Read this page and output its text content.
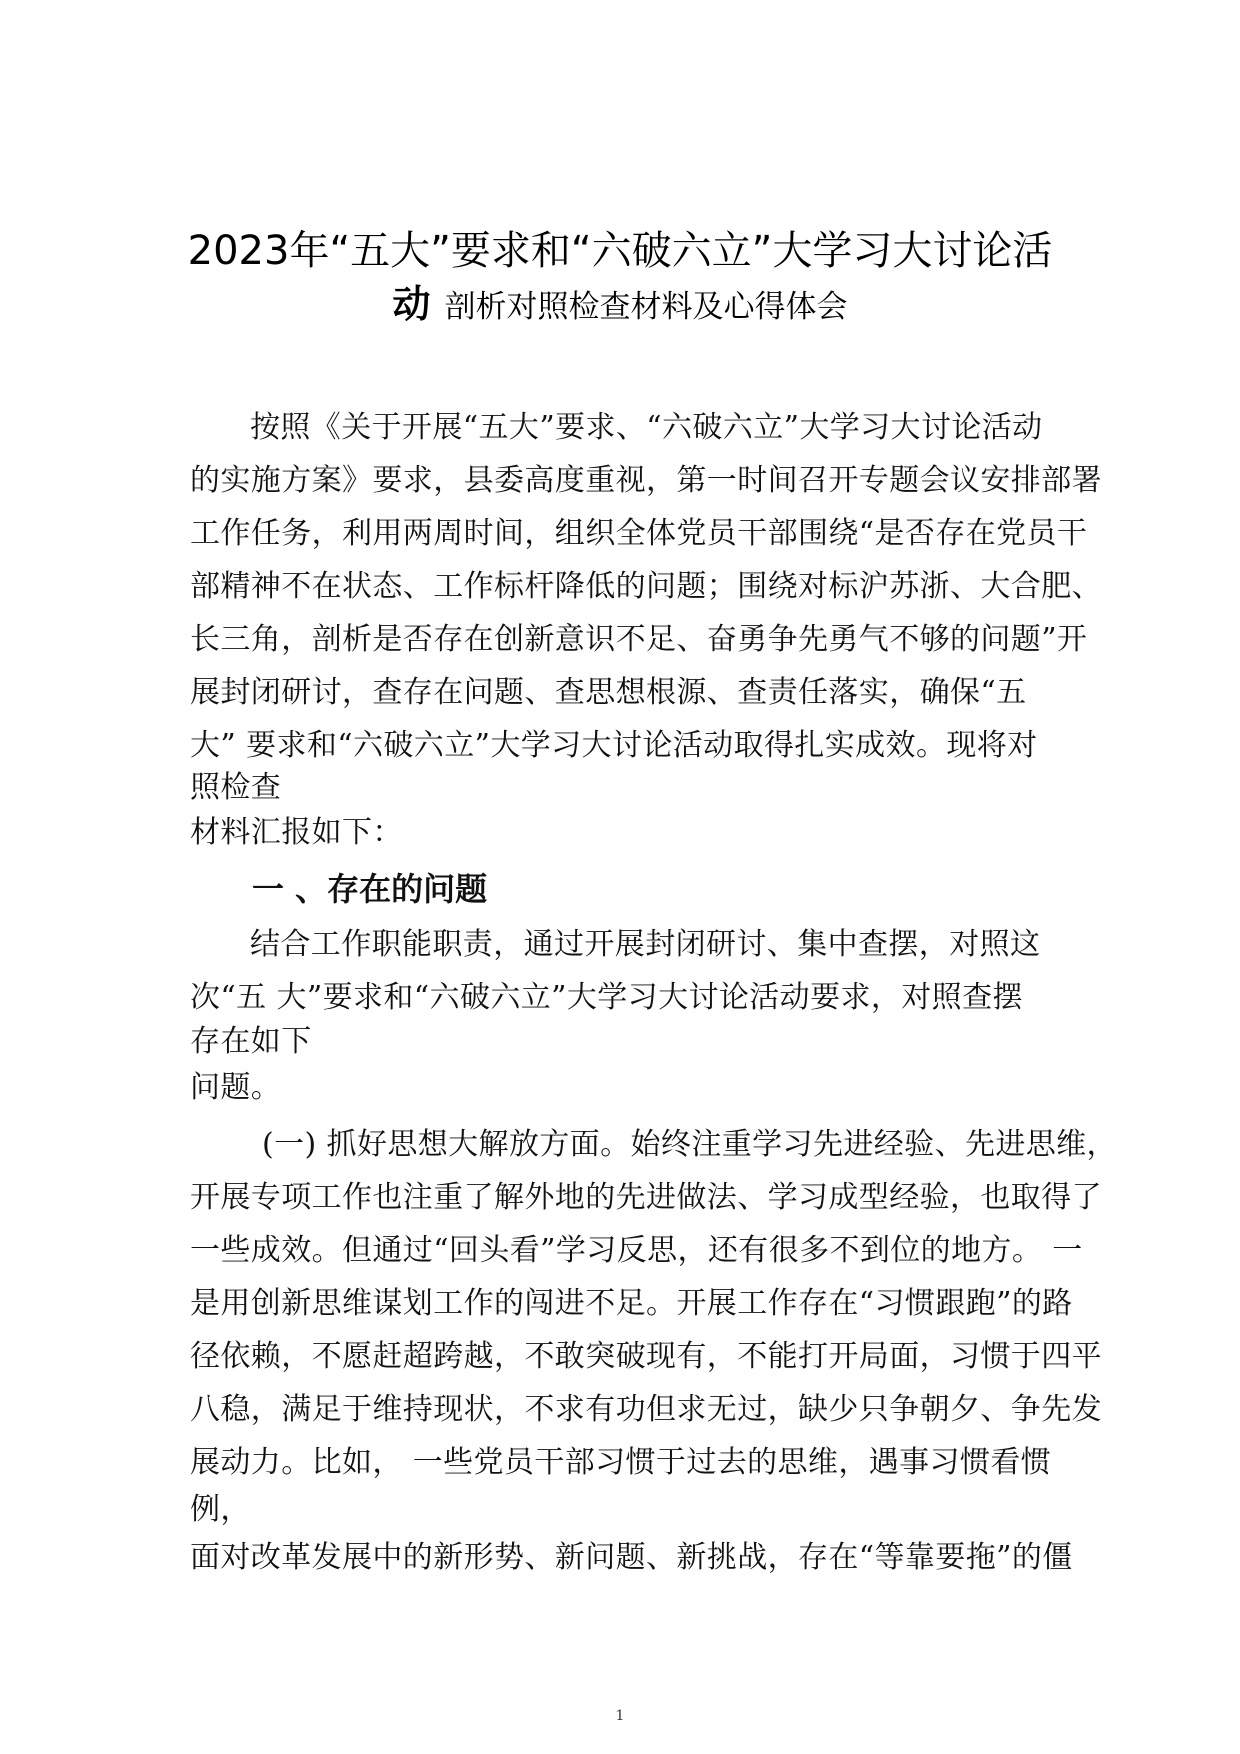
2023年“五大”要求和“六破六立”大学习大讨论活
动 剖析对照检查材料及心得体会
按照《关于开展“五大”要求、“六破六立”大学习大讨论活动
的实施方案》要求，县委高度重视，第一时间召开专题会议安排部署
工作任务，利用两周时间，组织全体党员干部围绕“是否存在党员干
部精神不在状态、工作标杆降低的问题；围绕对标沪苏浙、大合肥、
长三角，剖析是否存在创新意识不足、奋勇争先勇气不够的问题”开
展封闭研讨，查存在问题、查思想根源、查责任落实，确保“五
大” 要求和“六破六立”大学习大讨论活动取得扎实成效。现将对
照检查
材料汇报如下：
一 、存在的问题
结合工作职能职责，通过开展封闭研讨、集中查摆，对照这
次“五 大”要求和“六破六立”大学习大讨论活动要求，对照查摆
存在如下
问题。
(一) 抓好思想大解放方面。始终注重学习先进经验、先进思维，
开展专项工作也注重了解外地的先进做法、学习成型经验，也取得了
一些成效。但通过“回头看”学习反思，还有很多不到位的地方。 一
是用创新思维谋划工作的闯进不足。开展工作存在“习惯跟跑”的路
径依赖，不愿赶超跨越，不敢突破现有，不能打开局面，习惯于四平
八稳，满足于维持现状，不求有功但求无过，缺少只争朝夕、争先发
展动力。比如， 一些党员干部习惯于过去的思维，遇事习惯看惯
例，
面对改革发展中的新形势、新问题、新挑战，存在“等靠要拖”的僵
1
